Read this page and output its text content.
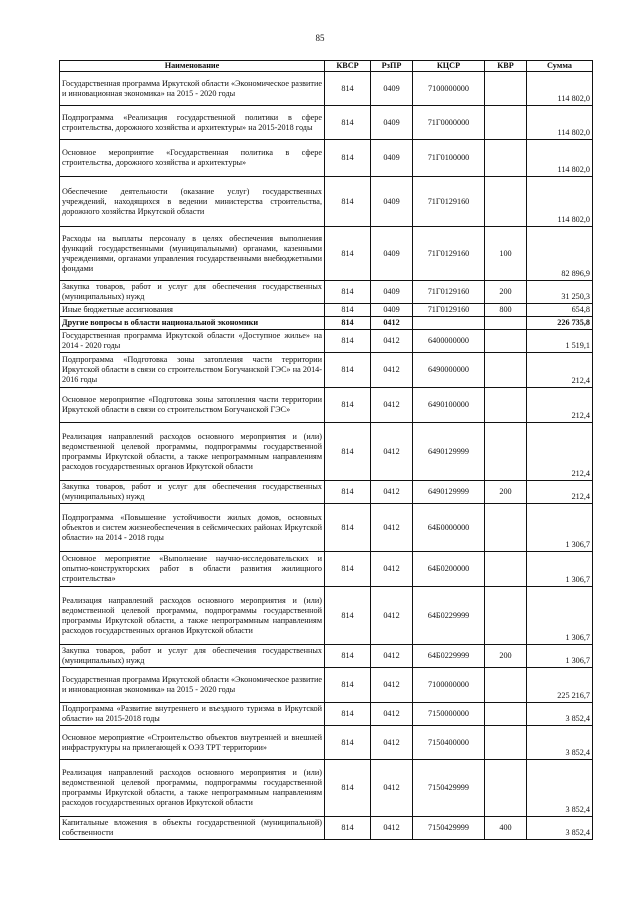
85
Наименование	КВСР	РзПР	КЦСР	КВР	Сумма
Государственная программа Иркутской области «Экономическое развитие и инновационная экономика» на 2015 - 2020 годы	814	0409	7100000000		114 802,0
Подпрограмма «Реализация государственной политики в сфере строительства, дорожного хозяйства и архитектуры» на 2015-2018 годы	814	0409	71Г0000000		114 802,0
Основное мероприятие «Государственная политика в сфере строительства, дорожного хозяйства и архитектуры»	814	0409	71Г0100000		114 802,0
Обеспечение деятельности (оказание услуг) государственных учреждений, находящихся в ведении министерства строительства, дорожного хозяйства Иркутской области	814	0409	71Г0129160		114 802,0
Расходы на выплаты персоналу в целях обеспечения выполнения функций государственными (муниципальными) органами, казенными учреждениями, органами управления государственными внебюджетными фондами	814	0409	71Г0129160	100	82 896,9
Закупка товаров, работ и услуг для обеспечения государственных (муниципальных) нужд	814	0409	71Г0129160	200	31 250,3
Иные бюджетные ассигнования	814	0409	71Г0129160	800	654,8
Другие вопросы в области национальной экономики	814	0412			226 735,8
Государственная программа Иркутской области «Доступное жилье» на 2014 - 2020 годы	814	0412	6400000000		1 519,1
Подпрограмма «Подготовка зоны затопления части территории Иркутской области в связи со строительством Богучанской ГЭС» на 2014-2016 годы	814	0412	6490000000		212,4
Основное мероприятие «Подготовка зоны затопления части территории Иркутской области в связи со строительством Богучанской ГЭС»	814	0412	6490100000		212,4
Реализация направлений расходов основного мероприятия и (или) ведомственной целевой программы, подпрограммы государственной программы Иркутской области, а также непрограммным направлениям расходов государственных органов Иркутской области	814	0412	6490129999		212,4
Закупка товаров, работ и услуг для обеспечения государственных (муниципальных) нужд	814	0412	6490129999	200	212,4
Подпрограмма «Повышение устойчивости жилых домов, основных объектов и систем жизнеобеспечения в сейсмических районах Иркутской области» на 2014 - 2018 годы	814	0412	64Б0000000		1 306,7
Основное мероприятие «Выполнение научно-исследовательских и опытно-конструкторских работ в области развития жилищного строительства»	814	0412	64Б0200000		1 306,7
Реализация направлений расходов основного мероприятия и (или) ведомственной целевой программы, подпрограммы государственной программы Иркутской области, а также непрограммным направлениям расходов государственных органов Иркутской области	814	0412	64Б0229999		1 306,7
Закупка товаров, работ и услуг для обеспечения государственных (муниципальных) нужд	814	0412	64Б0229999	200	1 306,7
Государственная программа Иркутской области «Экономическое развитие и инновационная экономика» на 2015 - 2020 годы	814	0412	7100000000		225 216,7
Подпрограмма «Развитие внутреннего и въездного туризма в Иркутской области» на 2015-2018 годы	814	0412	7150000000		3 852,4
Основное мероприятие «Строительство объектов внутренней и внешней инфраструктуры на прилегающей к ОЭЗ ТРТ территории»	814	0412	7150400000		3 852,4
Реализация направлений расходов основного мероприятия и (или) ведомственной целевой программы, подпрограммы государственной программы Иркутской области, а также непрограммным направлениям расходов государственных органов Иркутской области	814	0412	7150429999		3 852,4
Капитальные вложения в объекты государственной (муниципальной) собственности	814	0412	7150429999	400	3 852,4
